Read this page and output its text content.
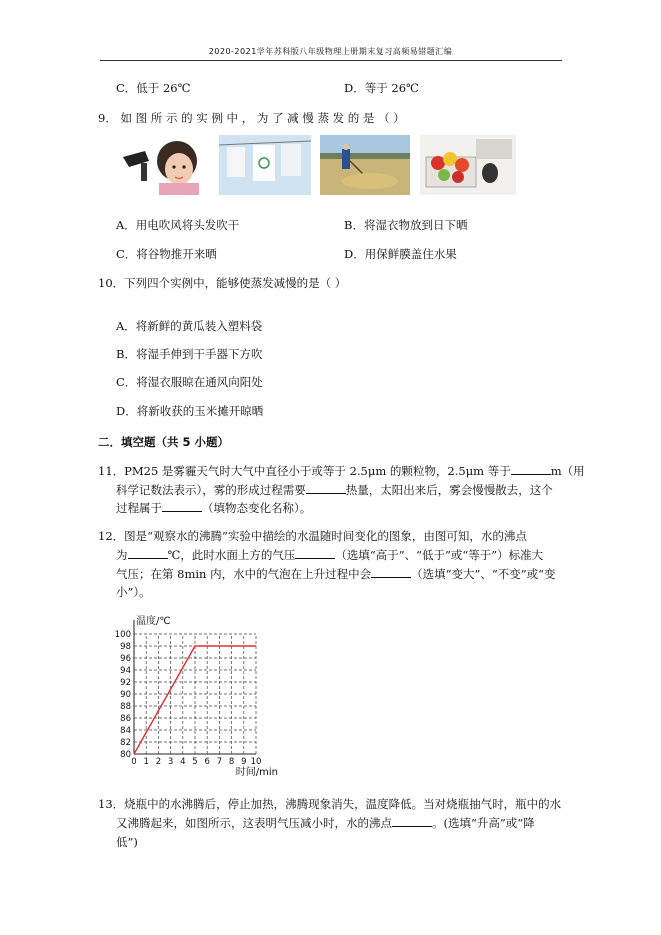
2020-2021学年苏科版八年级物理上册期末复习高频易错题汇编
C．低于 26℃	D．等于 26℃
9． 如 图 所 示 的 实 例 中 ， 为 了 减 慢 蒸 发 的 是 （ ）
A．用电吹风将头发吹干	B．将湿衣物放到日下晒
C．将谷物推开来晒	D．用保鲜膜盖住水果
10．下列四个实例中，能够使蒸发减慢的是（ ）
A．将新鲜的黄瓜装入塑料袋
B．将湿手伸到干手器下方吹
C．将湿衣服晾在通风向阳处
D．将新收获的玉米摊开晾晒
二．填空题（共 5 小题）
11．PM25 是雾霾天气时大气中直径小于或等于 2.5μm 的颗粒物，2.5μm 等于	m（用
科学记数法表示），雾的形成过程需要	热量，太阳出来后，雾会慢慢散去，这个
过程属于	（填物态变化名称）。
12．图是“观察水的沸腾”实验中描绘的水温随时间变化的图象，由图可知，水的沸点
为	℃，此时水面上方的气压	（选填“高于”、“低于”或“等于”）标准大
气压；在第 8min 内，水中的气泡在上升过程中会	（选填“变大”、“不变”或“变
小”）。
0 1 2 3 4 5 6 7 8 9 10
80
82
84
86
88
90
92
94
96
98
100
温度/℃
时间/min
13．烧瓶中的水沸腾后，停止加热，沸腾现象消失，温度降低。当对烧瓶抽气时，瓶中的水
又沸腾起来，如图所示，这表明气压减小时，水的沸点	。(选填“升高”或“降
低”)
